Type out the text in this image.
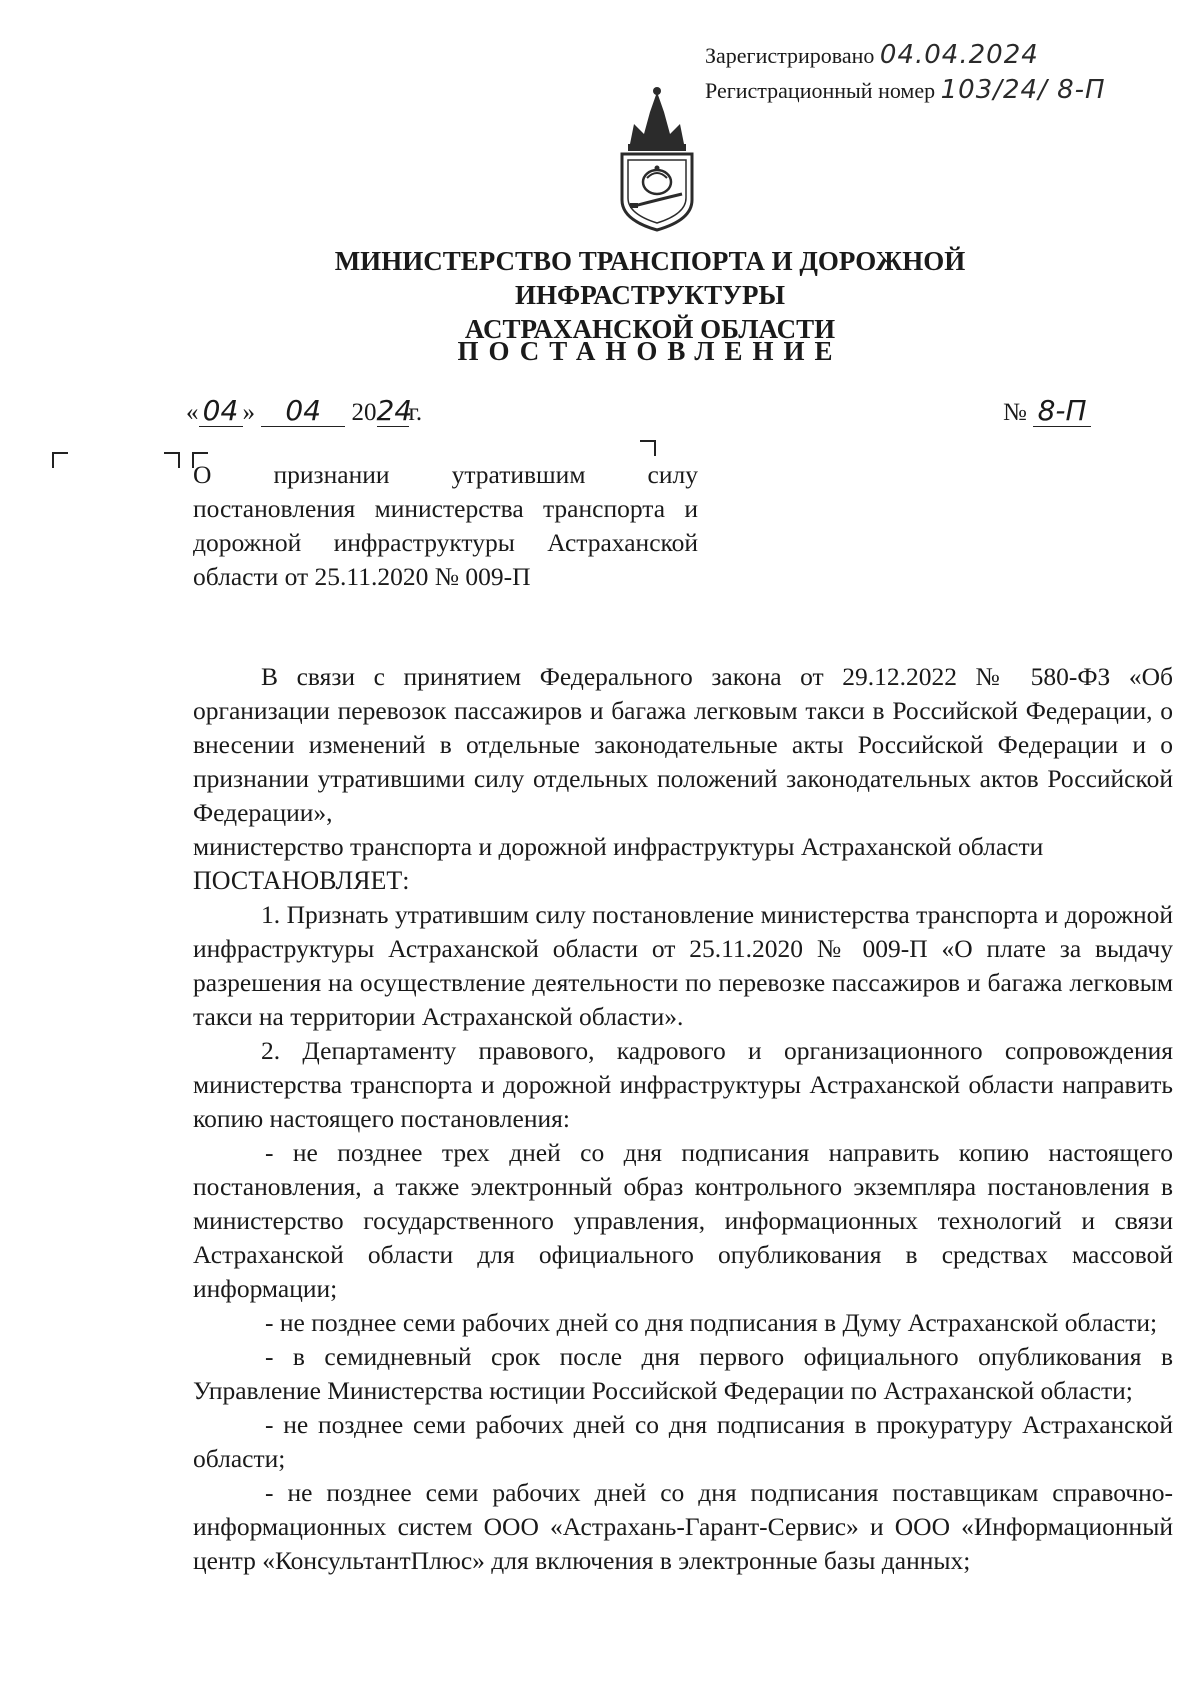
Зарегистрировано 04.04.2024
Регистрационный номер 103/24/ 8-П
МИНИСТЕРСТВО ТРАНСПОРТА И ДОРОЖНОЙ ИНФРАСТРУКТУРЫ
АСТРАХАНСКОЙ ОБЛАСТИ
ПОСТАНОВЛЕНИЕ
« 04 » 04 2024г.	№ 8-П

О признании утратившим силу постановления министерства транспорта и дорожной инфраструктуры Астраханской области от 25.11.2020 № 009-П

В связи с принятием Федерального закона от 29.12.2022 № 580-ФЗ «Об организации перевозок пассажиров и багажа легковым такси в Российской Федерации, о внесении изменений в отдельные законодательные акты Российской Федерации и о признании утратившими силу отдельных положений законодательных актов Российской Федерации»,

министерство транспорта и дорожной инфраструктуры Астраханской области

ПОСТАНОВЛЯЕТ:

1. Признать утратившим силу постановление министерства транспорта и дорожной инфраструктуры Астраханской области от 25.11.2020 № 009-П «О плате за выдачу разрешения на осуществление деятельности по перевозке пассажиров и багажа легковым такси на территории Астраханской области».

2. Департаменту правового, кадрового и организационного сопровождения министерства транспорта и дорожной инфраструктуры Астраханской области направить копию настоящего постановления:

- не позднее трех дней со дня подписания направить копию настоящего постановления, а также электронный образ контрольного экземпляра постановления в министерство государственного управления, информационных технологий и связи Астраханской области для официального опубликования в средствах массовой информации;

- не позднее семи рабочих дней со дня подписания в Думу Астраханской области;

- в семидневный срок после дня первого официального опубликования в Управление Министерства юстиции Российской Федерации по Астраханской области;

- не позднее семи рабочих дней со дня подписания в прокуратуру Астраханской области;

- не позднее семи рабочих дней со дня подписания поставщикам справочно-информационных систем ООО «Астрахань-Гарант-Сервис» и ООО «Информационный центр «КонсультантПлюс» для включения в электронные базы данных;
